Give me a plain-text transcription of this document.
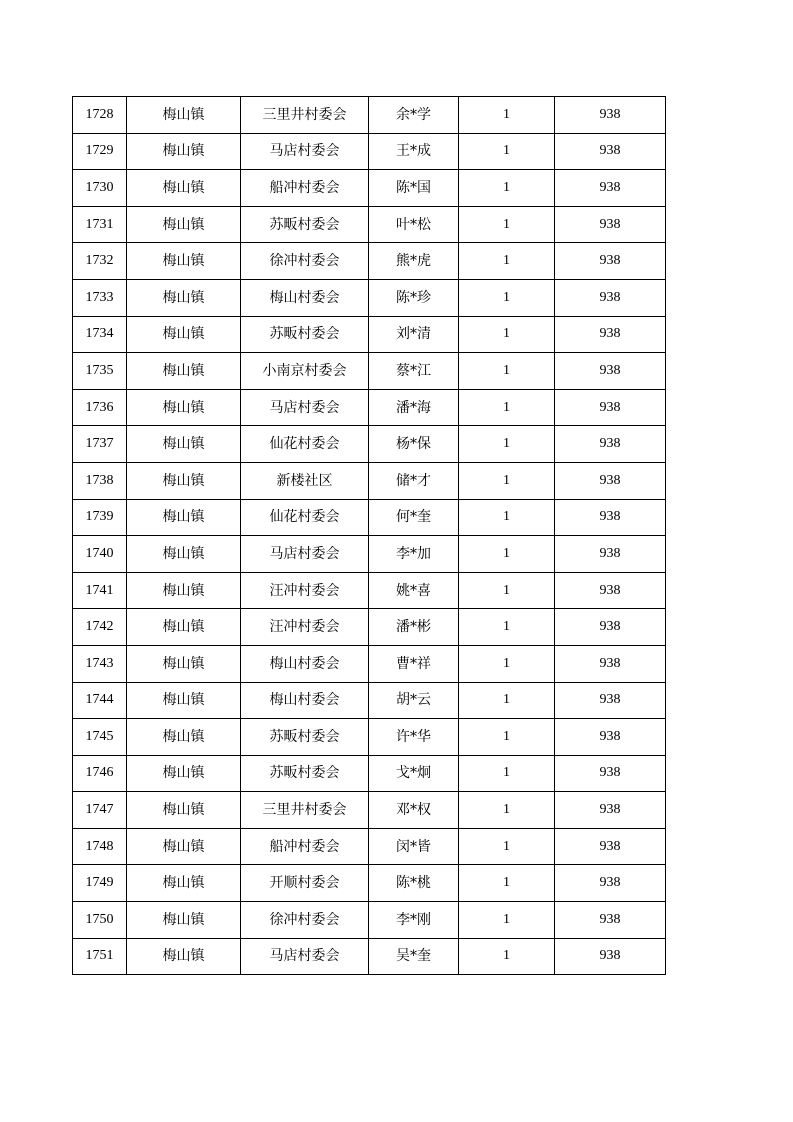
1728	梅山镇	三里井村委会	余*学	1	938
1729	梅山镇	马店村委会	王*成	1	938
1730	梅山镇	船冲村委会	陈*国	1	938
1731	梅山镇	苏畈村委会	叶*松	1	938
1732	梅山镇	徐冲村委会	熊*虎	1	938
1733	梅山镇	梅山村委会	陈*珍	1	938
1734	梅山镇	苏畈村委会	刘*清	1	938
1735	梅山镇	小南京村委会	蔡*江	1	938
1736	梅山镇	马店村委会	潘*海	1	938
1737	梅山镇	仙花村委会	杨*保	1	938
1738	梅山镇	新楼社区	储*才	1	938
1739	梅山镇	仙花村委会	何*奎	1	938
1740	梅山镇	马店村委会	李*加	1	938
1741	梅山镇	汪冲村委会	姚*喜	1	938
1742	梅山镇	汪冲村委会	潘*彬	1	938
1743	梅山镇	梅山村委会	曹*祥	1	938
1744	梅山镇	梅山村委会	胡*云	1	938
1745	梅山镇	苏畈村委会	许*华	1	938
1746	梅山镇	苏畈村委会	戈*炯	1	938
1747	梅山镇	三里井村委会	邓*权	1	938
1748	梅山镇	船冲村委会	闵*皆	1	938
1749	梅山镇	开顺村委会	陈*桃	1	938
1750	梅山镇	徐冲村委会	李*刚	1	938
1751	梅山镇	马店村委会	吴*奎	1	938
